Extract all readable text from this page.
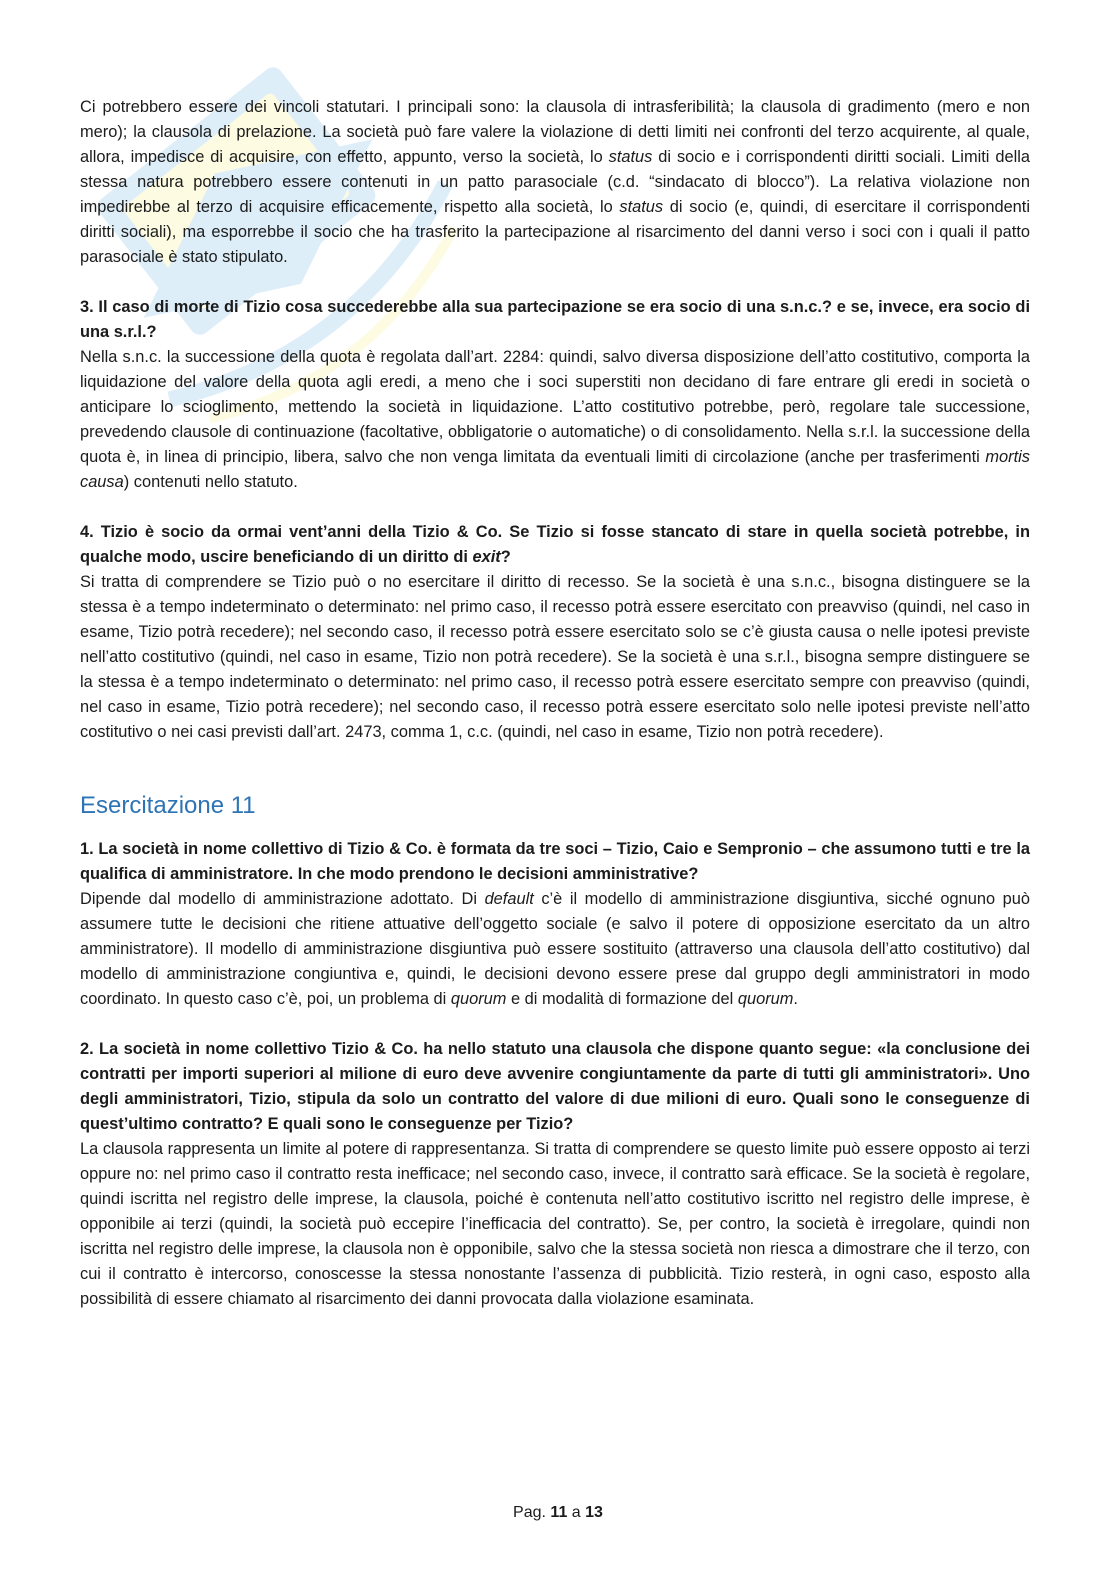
Ci potrebbero essere dei vincoli statutari. I principali sono: la clausola di intrasferibilità; la clausola di gradimento (mero e non mero); la clausola di prelazione. La società può fare valere la violazione di detti limiti nei confronti del terzo acquirente, al quale, allora, impedisce di acquisire, con effetto, appunto, verso la società, lo status di socio e i corrispondenti diritti sociali. Limiti della stessa natura potrebbero essere contenuti in un patto parasociale (c.d. “sindacato di blocco”). La relativa violazione non impedirebbe al terzo di acquisire efficacemente, rispetto alla società, lo status di socio (e, quindi, di esercitare il corrispondenti diritti sociali), ma esporrebbe il socio che ha trasferito la partecipazione al risarcimento del danni verso i soci con i quali il patto parasociale è stato stipulato.

3. Il caso di morte di Tizio cosa succederebbe alla sua partecipazione se era socio di una s.n.c.? e se, invece, era socio di una s.r.l.?

Nella s.n.c. la successione della quota è regolata dall’art. 2284: quindi, salvo diversa disposizione dell’atto costitutivo, comporta la liquidazione del valore della quota agli eredi, a meno che i soci superstiti non decidano di fare entrare gli eredi in società o anticipare lo scioglimento, mettendo la società in liquidazione. L’atto costitutivo potrebbe, però, regolare tale successione, prevedendo clausole di continuazione (facoltative, obbligatorie o automatiche) o di consolidamento. Nella s.r.l. la successione della quota è, in linea di principio, libera, salvo che non venga limitata da eventuali limiti di circolazione (anche per trasferimenti mortis causa) contenuti nello statuto.

4. Tizio è socio da ormai vent’anni della Tizio & Co. Se Tizio si fosse stancato di stare in quella società potrebbe, in qualche modo, uscire beneficiando di un diritto di exit?

Si tratta di comprendere se Tizio può o no esercitare il diritto di recesso. Se la società è una s.n.c., bisogna distinguere se la stessa è a tempo indeterminato o determinato: nel primo caso, il recesso potrà essere esercitato con preavviso (quindi, nel caso in esame, Tizio potrà recedere); nel secondo caso, il recesso potrà essere esercitato solo se c’è giusta causa o nelle ipotesi previste nell’atto costitutivo (quindi, nel caso in esame, Tizio non potrà recedere). Se la società è una s.r.l., bisogna sempre distinguere se la stessa è a tempo indeterminato o determinato: nel primo caso, il recesso potrà essere esercitato sempre con preavviso (quindi, nel caso in esame, Tizio potrà recedere); nel secondo caso, il recesso potrà essere esercitato solo nelle ipotesi previste nell’atto costitutivo o nei casi previsti dall’art. 2473, comma 1, c.c. (quindi, nel caso in esame, Tizio non potrà recedere).

Esercitazione 11

1. La società in nome collettivo di Tizio & Co. è formata da tre soci – Tizio, Caio e Sempronio – che assumono tutti e tre la qualifica di amministratore. In che modo prendono le decisioni amministrative?

Dipende dal modello di amministrazione adottato. Di default c’è il modello di amministrazione disgiuntiva, sicché ognuno può assumere tutte le decisioni che ritiene attuative dell’oggetto sociale (e salvo il potere di opposizione esercitato da un altro amministratore). Il modello di amministrazione disgiuntiva può essere sostituito (attraverso una clausola dell’atto costitutivo) dal modello di amministrazione congiuntiva e, quindi, le decisioni devono essere prese dal gruppo degli amministratori in modo coordinato. In questo caso c’è, poi, un problema di quorum e di modalità di formazione del quorum.

2. La società in nome collettivo Tizio & Co. ha nello statuto una clausola che dispone quanto segue: «la conclusione dei contratti per importi superiori al milione di euro deve avvenire congiuntamente da parte di tutti gli amministratori». Uno degli amministratori, Tizio, stipula da solo un contratto del valore di due milioni di euro. Quali sono le conseguenze di quest’ultimo contratto? E quali sono le conseguenze per Tizio?

La clausola rappresenta un limite al potere di rappresentanza. Si tratta di comprendere se questo limite può essere opposto ai terzi oppure no: nel primo caso il contratto resta inefficace; nel secondo caso, invece, il contratto sarà efficace. Se la società è regolare, quindi iscritta nel registro delle imprese, la clausola, poiché è contenuta nell’atto costitutivo iscritto nel registro delle imprese, è opponibile ai terzi (quindi, la società può eccepire l’inefficacia del contratto). Se, per contro, la società è irregolare, quindi non iscritta nel registro delle imprese, la clausola non è opponibile, salvo che la stessa società non riesca a dimostrare che il terzo, con cui il contratto è intercorso, conoscesse la stessa nonostante l’assenza di pubblicità. Tizio resterà, in ogni caso, esposto alla possibilità di essere chiamato al risarcimento dei danni provocata dalla violazione esaminata.

Pag. 11 a 13
